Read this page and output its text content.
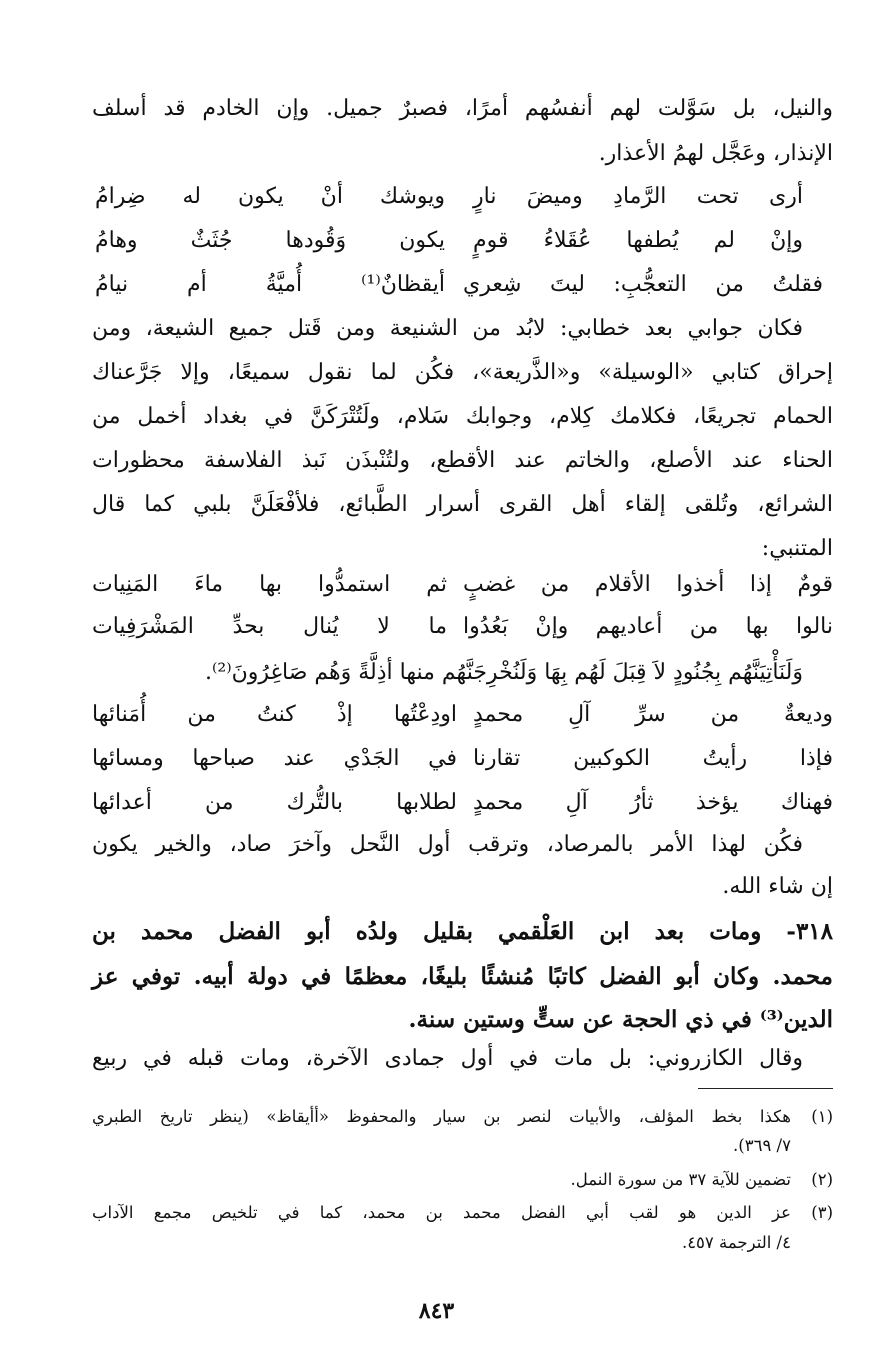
والنيل، بل سَوَّلت لهم أنفسُهم أمرًا، فصبرٌ جميل. وإن الخادم قد أسلف
الإنذار، وعَجَّل لهمُ الأعذار.
أرى تحت الرَّمادِ وميضَ نارٍ
ويوشك أنْ يكون له ضِرامُ
وإنْ لم يُطفها عُقَلاءُ قومٍ
يكون وَقُودها جُثَثٌ وهامُ
فقلتُ من التعجُّبِ: ليتَ شِعري
أيقظانٌ⁽¹⁾ أُميَّةُ أم نيامُ
فكان جوابي بعد خطابي: لابُد من الشنيعة ومن قَتل جميع الشيعة، ومن
إحراق كتابي «الوسيلة» و«الذَّريعة»، فكُن لما نقول سميعًا، وإلا جَرَّعناك
الحمام تجريعًا، فكلامك كِلام، وجوابك سَلام، ولَتُتْرَكَنَّ في بغداد أخمل من
الحناء عند الأصلع، والخاتم عند الأقطع، ولتُنْبذَن نَبذ الفلاسفة محظورات
الشرائع، وتُلقى إلقاء أهل القرى أسرار الطَّبائع، فلأفْعَلَنَّ بلبي كما قال
المتنبي:
قومٌ إذا أخذوا الأقلام من غضبٍ
ثم استمدُّوا بها ماءَ المَنِيات
نالوا بها من أعاديهم وإنْ بَعُدُوا
ما لا يُنال بحدِّ المَشْرَفِيات
وَلَنَأْتِيَنَّهُم بِجُنُودٍ لاَ قِبَلَ لَهُم بِهَا وَلَنُخْرِجَنَّهُم منها أذِلَّةً وَهُم صَاغِرُونَ⁽²⁾.
وديعةٌ من سرِّ آلِ محمدٍ
اودِعْتُها إذْ كنتُ من أُمَنائها
فإذا رأيتُ الكوكبين تقارنا
في الجَدْي عند صباحها ومسائها
فهناك يؤخذ ثأرُ آلِ محمدٍ
لطلابها بالتُّرك من أعدائها
فكُن لهذا الأمر بالمرصاد، وترقب أول النَّحل وآخرَ صاد، والخير يكون
إن شاء الله.
٣١٨- ومات بعد ابن العَلْقمي بقليل ولدُه أبو الفضل محمد بن
محمد. وكان أبو الفضل كاتبًا مُنشئًا بليغًا، معظمًا في دولة أبيه. توفي عز
الدين⁽³⁾ في ذي الحجة عن ستٍّ وستين سنة.
وقال الكازروني: بل مات في أول جمادى الآخرة، ومات قبله في ربيع
(١)
هكذا بخط المؤلف، والأبيات لنصر بن سيار والمحفوظ «أأيقاظ» (ينظر تاريخ الطبري
٧/ ٣٦٩).
(٢)
تضمين للآية ٣٧ من سورة النمل.
(٣)
عز الدين هو لقب أبي الفضل محمد بن محمد، كما في تلخيص مجمع الآداب
٤/ الترجمة ٤٥٧.
٨٤٣
